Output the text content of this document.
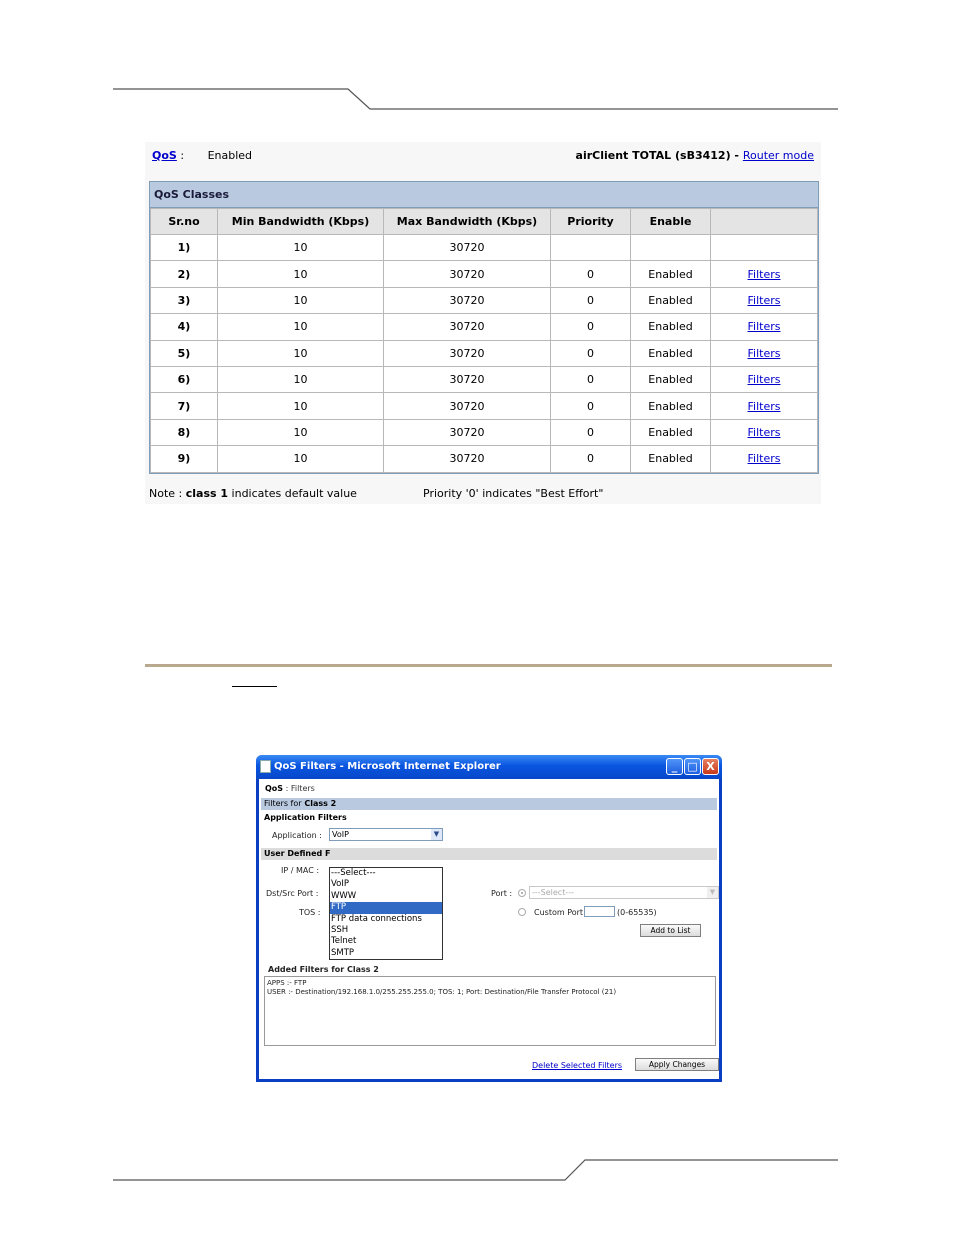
QoS : Enabled	airClient TOTAL (sB3412) - Router mode
QoS Classes
Sr.no	Min Bandwidth (Kbps)	Max Bandwidth (Kbps)	Priority	Enable	
1)	10	30720			
2)	10	30720	0	Enabled	Filters
3)	10	30720	0	Enabled	Filters
4)	10	30720	0	Enabled	Filters
5)	10	30720	0	Enabled	Filters
6)	10	30720	0	Enabled	Filters
7)	10	30720	0	Enabled	Filters
8)	10	30720	0	Enabled	Filters
9)	10	30720	0	Enabled	Filters
Note : class 1 indicates default value	Priority '0' indicates "Best Effort"
QoS Filters - Microsoft Internet Explorer	_ □ X
QoS : Filters
Filters for Class 2
Application Filters
Application :	VoIP	▼
User Defined F
IP / MAC :
Dst/Src Port :
TOS :
Port :	---Select---	▼
Custom Port	(0-65535)
Add to List
---Select---
VoIP
WWW
FTP
FTP data connections
SSH
Telnet
SMTP
Added Filters for Class 2
APPS :- FTP
USER :- Destination/192.168.1.0/255.255.255.0; TOS: 1; Port: Destination/File Transfer Protocol (21)
Delete Selected Filters	Apply Changes
